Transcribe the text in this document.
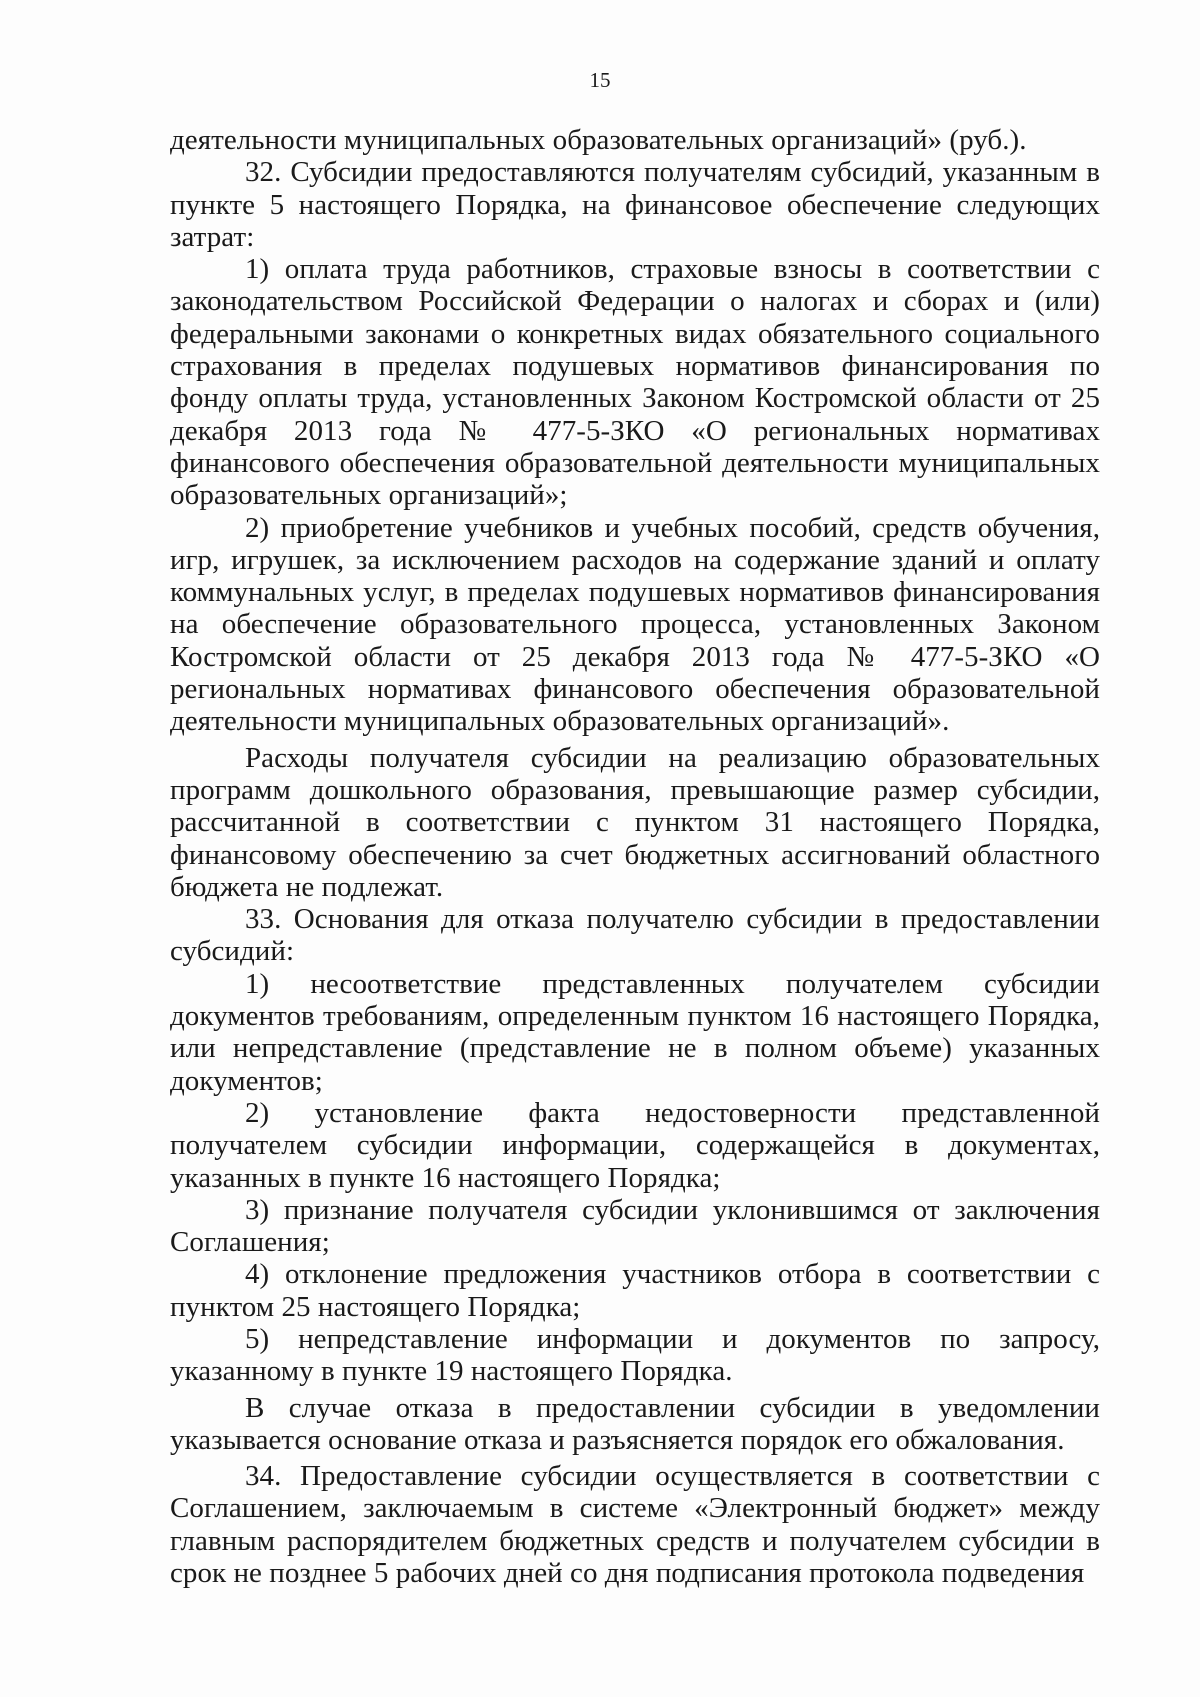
15

деятельности муниципальных образовательных организаций» (руб.).

32. Субсидии предоставляются получателям субсидий, указанным в пункте 5 настоящего Порядка, на финансовое обеспечение следующих затрат:

1) оплата труда работников, страховые взносы в соответствии с законодательством Российской Федерации о налогах и сборах и (или) федеральными законами о конкретных видах обязательного социального страхования в пределах подушевых нормативов финансирования по фонду оплаты труда, установленных Законом Костромской области от 25 декабря 2013 года № 477-5-ЗКО «О региональных нормативах финансового обеспечения образовательной деятельности муниципальных образовательных организаций»;

2) приобретение учебников и учебных пособий, средств обучения, игр, игрушек, за исключением расходов на содержание зданий и оплату коммунальных услуг, в пределах подушевых нормативов финансирования на обеспечение образовательного процесса, установленных Законом Костромской области от 25 декабря 2013 года № 477-5-ЗКО «О региональных нормативах финансового обеспечения образовательной деятельности муниципальных образовательных организаций».

Расходы получателя субсидии на реализацию образовательных программ дошкольного образования, превышающие размер субсидии, рассчитанной в соответствии с пунктом 31 настоящего Порядка, финансовому обеспечению за счет бюджетных ассигнований областного бюджета не подлежат.

33. Основания для отказа получателю субсидии в предоставлении субсидий:

1) несоответствие представленных получателем субсидии документов требованиям, определенным пунктом 16 настоящего Порядка, или непредставление (представление не в полном объеме) указанных документов;

2) установление факта недостоверности представленной получателем субсидии информации, содержащейся в документах, указанных в пункте 16 настоящего Порядка;

3) признание получателя субсидии уклонившимся от заключения Соглашения;

4) отклонение предложения участников отбора в соответствии с пунктом 25 настоящего Порядка;

5) непредставление информации и документов по запросу, указанному в пункте 19 настоящего Порядка.

В случае отказа в предоставлении субсидии в уведомлении указывается основание отказа и разъясняется порядок его обжалования.

34. Предоставление субсидии осуществляется в соответствии с Соглашением, заключаемым в системе «Электронный бюджет» между главным распорядителем бюджетных средств и получателем субсидии в срок не позднее 5 рабочих дней со дня подписания протокола подведения
